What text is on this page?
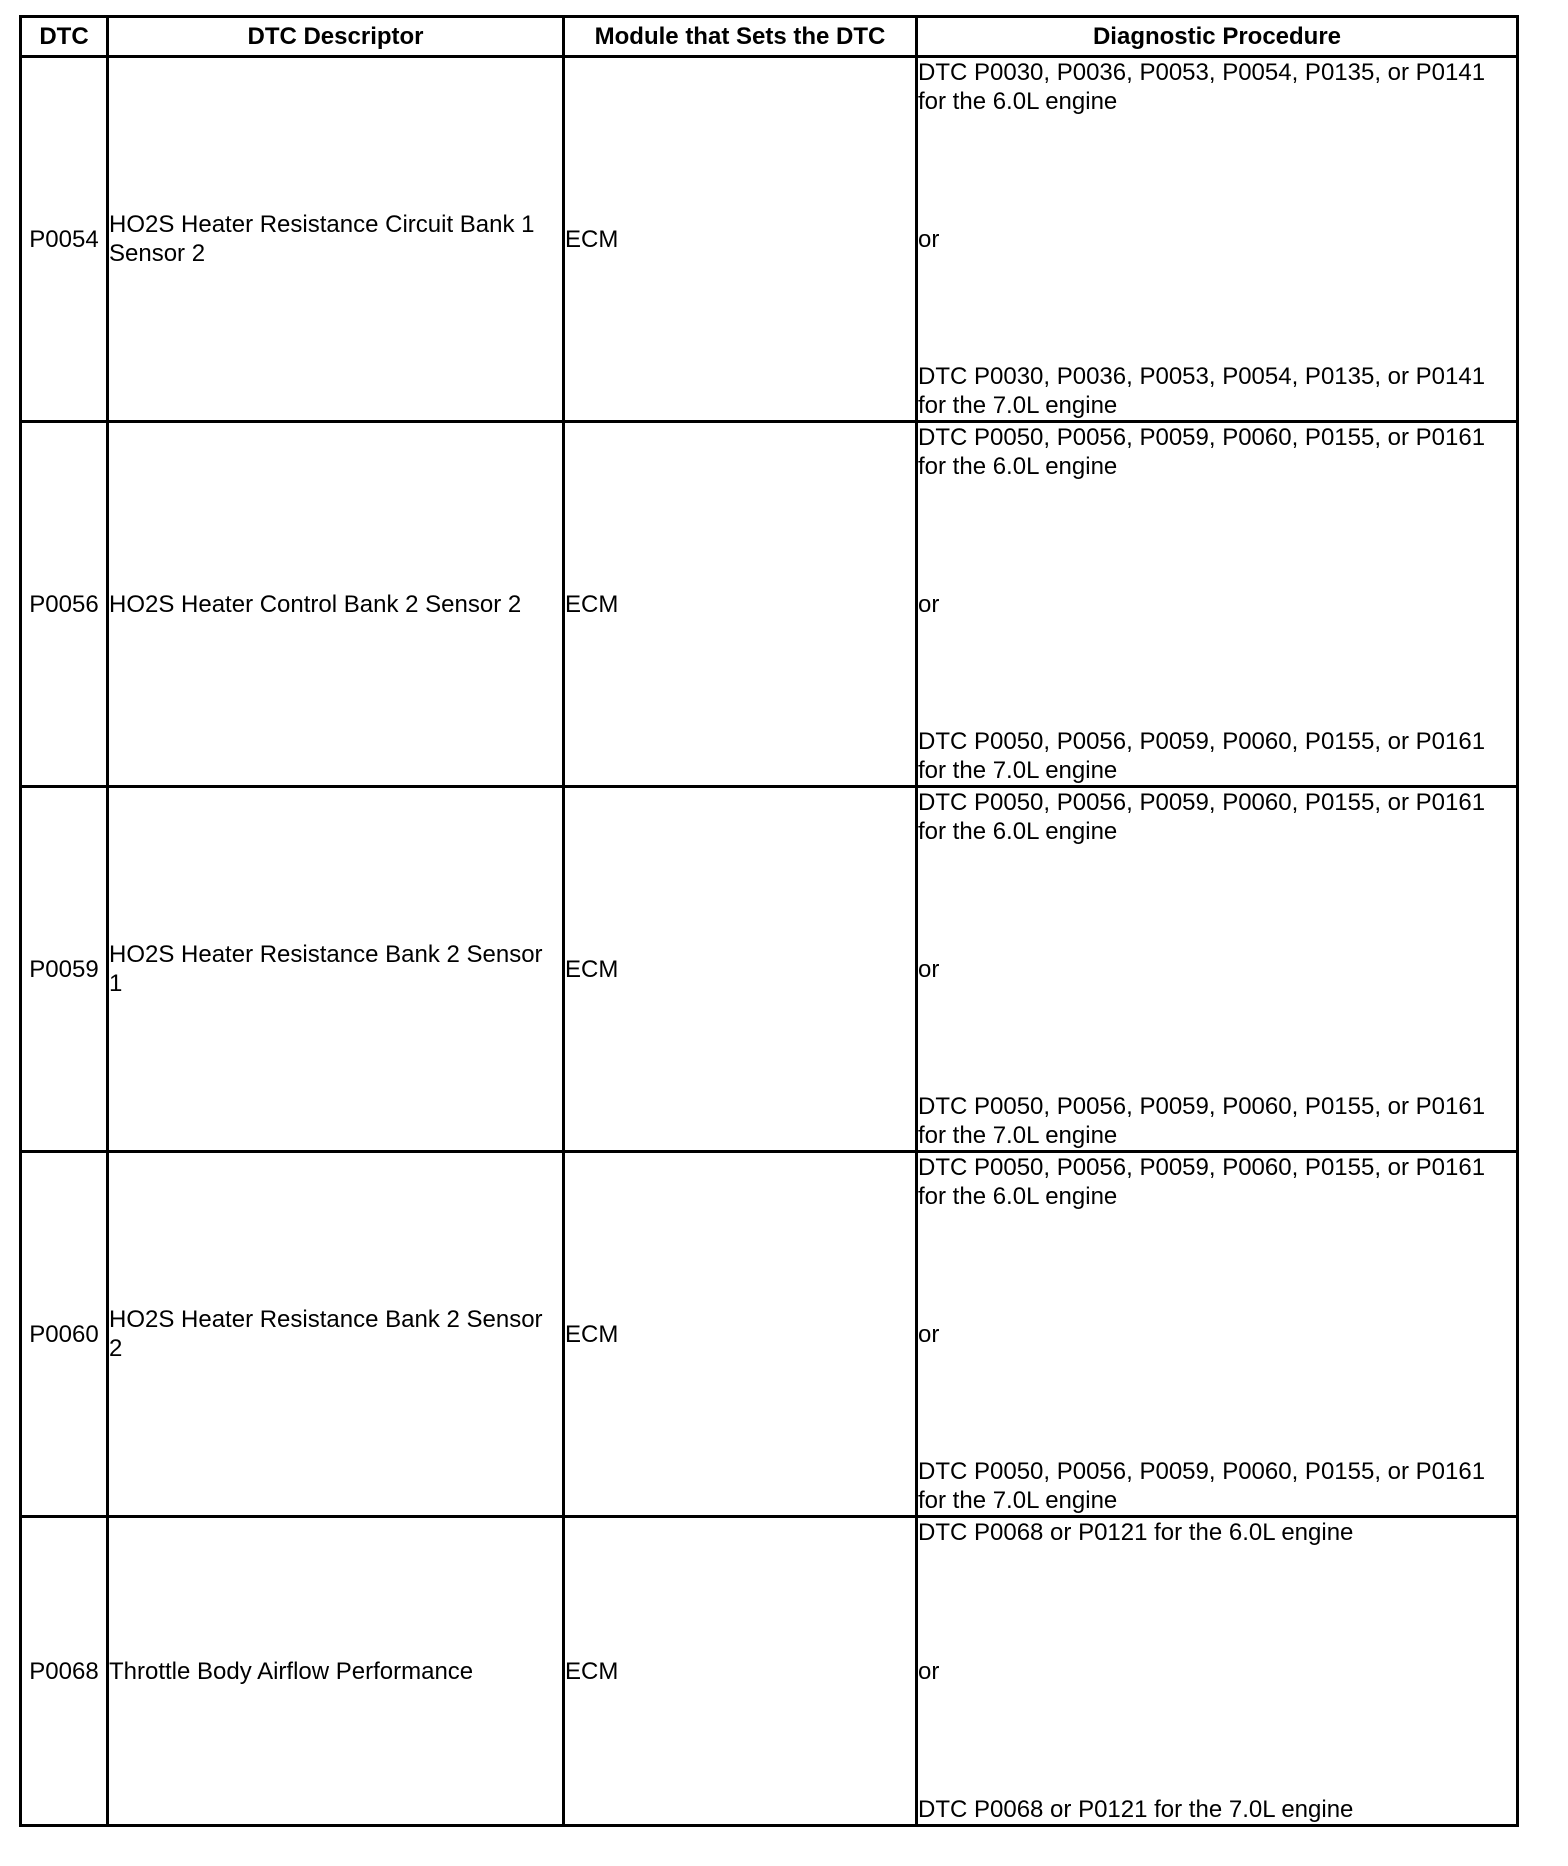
DTC	DTC Descriptor	Module that Sets the DTC	Diagnostic Procedure
P0054	HO2S Heater Resistance Circuit Bank 1 Sensor 2	ECM	DTC P0030, P0036, P0053, P0054, P0135, or P0141 for the 6.0L engine
or
DTC P0030, P0036, P0053, P0054, P0135, or P0141 for the 7.0L engine

P0056	HO2S Heater Control Bank 2 Sensor 2	ECM	DTC P0050, P0056, P0059, P0060, P0155, or P0161 for the 6.0L engine
or
DTC P0050, P0056, P0059, P0060, P0155, or P0161 for the 7.0L engine

P0059	HO2S Heater Resistance Bank 2 Sensor 1	ECM	DTC P0050, P0056, P0059, P0060, P0155, or P0161 for the 6.0L engine
or
DTC P0050, P0056, P0059, P0060, P0155, or P0161 for the 7.0L engine

P0060	HO2S Heater Resistance Bank 2 Sensor 2	ECM	DTC P0050, P0056, P0059, P0060, P0155, or P0161 for the 6.0L engine
or
DTC P0050, P0056, P0059, P0060, P0155, or P0161 for the 7.0L engine

P0068	Throttle Body Airflow Performance	ECM	DTC P0068 or P0121 for the 6.0L engine
or
DTC P0068 or P0121 for the 7.0L engine
